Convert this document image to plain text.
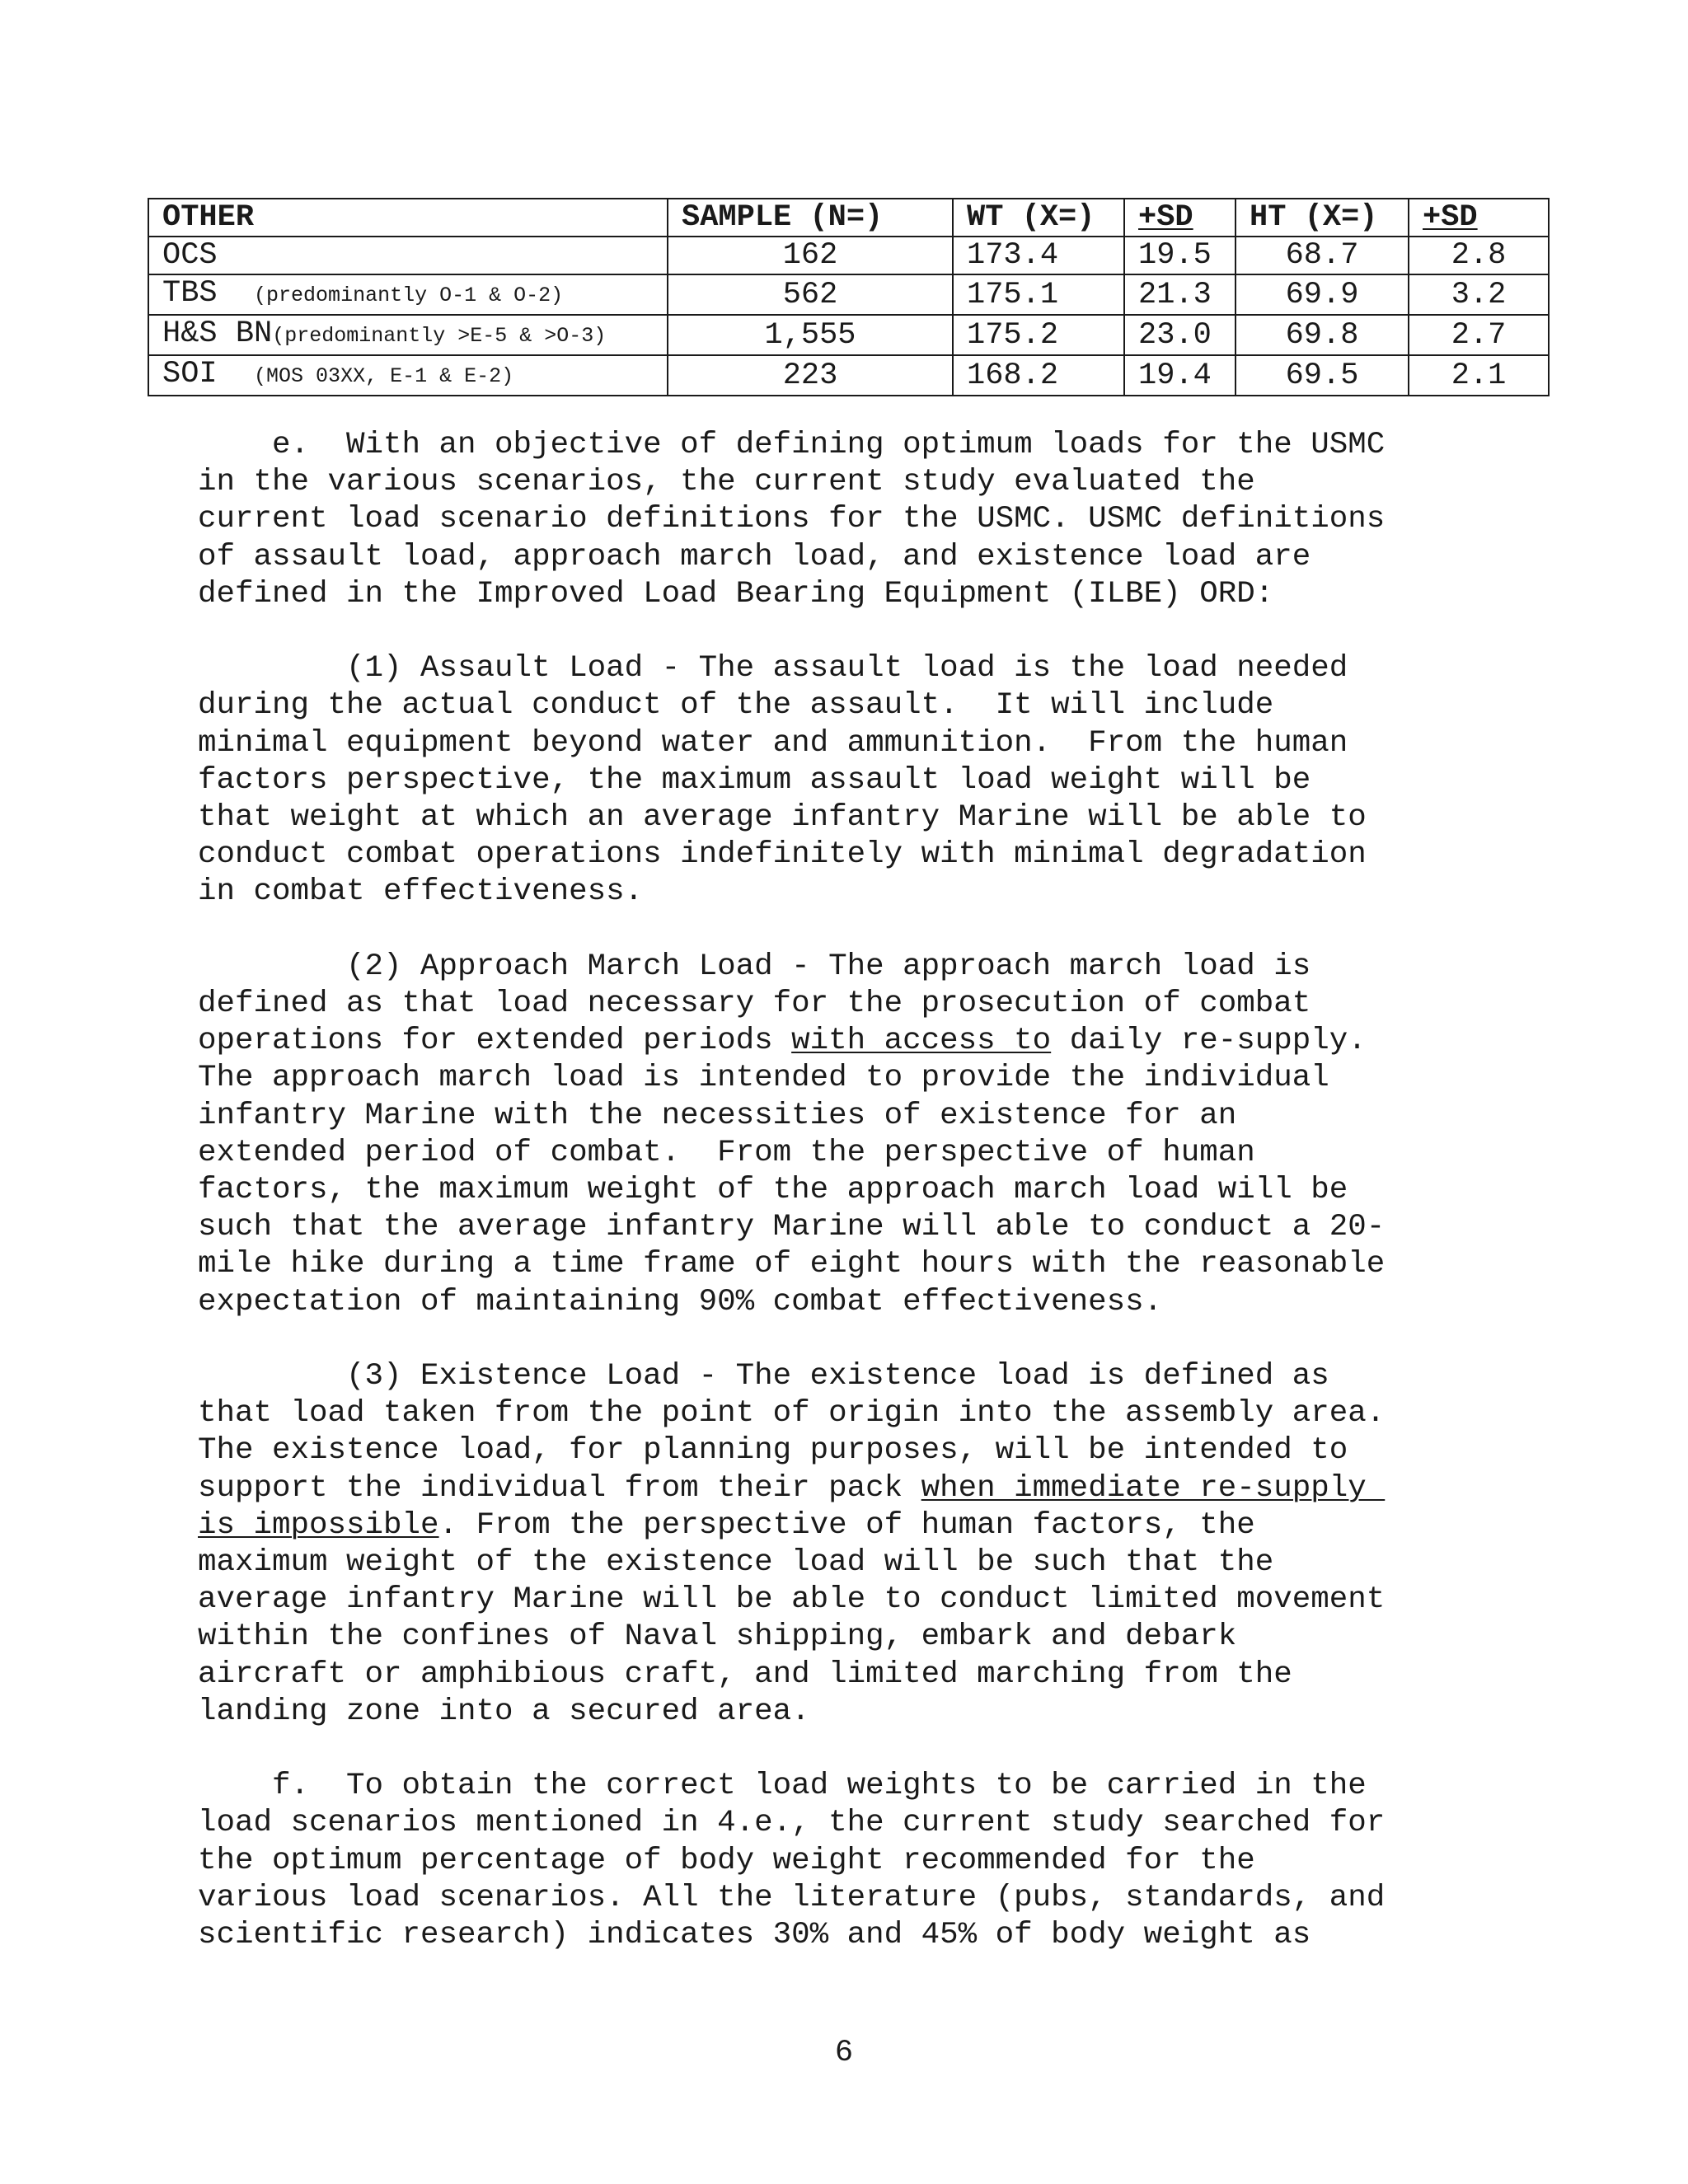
OTHER	SAMPLE (N=)	WT (X=)	+SD	HT (X=)	+SD
OCS	162	173.4	19.5	68.7	2.8
TBS (predominantly O-1 & O-2)	562	175.1	21.3	69.9	3.2
H&S BN(predominantly >E-5 & >O-3)	1,555	175.2	23.0	69.8	2.7
SOI (MOS 03XX, E-1 & E-2)	223	168.2	19.4	69.5	2.1

e.  With an objective of defining optimum loads for the USMC
in the various scenarios, the current study evaluated the
current load scenario definitions for the USMC. USMC definitions
of assault load, approach march load, and existence load are
defined in the Improved Load Bearing Equipment (ILBE) ORD:

(1) Assault Load - The assault load is the load needed
during the actual conduct of the assault.  It will include
minimal equipment beyond water and ammunition.  From the human
factors perspective, the maximum assault load weight will be
that weight at which an average infantry Marine will be able to
conduct combat operations indefinitely with minimal degradation
in combat effectiveness.

(2) Approach March Load - The approach march load is
defined as that load necessary for the prosecution of combat
operations for extended periods with access to daily re-supply.
The approach march load is intended to provide the individual
infantry Marine with the necessities of existence for an
extended period of combat.  From the perspective of human
factors, the maximum weight of the approach march load will be
such that the average infantry Marine will able to conduct a 20-
mile hike during a time frame of eight hours with the reasonable
expectation of maintaining 90% combat effectiveness.

(3) Existence Load - The existence load is defined as
that load taken from the point of origin into the assembly area.
The existence load, for planning purposes, will be intended to
support the individual from their pack when immediate re-supply
is impossible. From the perspective of human factors, the
maximum weight of the existence load will be such that the
average infantry Marine will be able to conduct limited movement
within the confines of Naval shipping, embark and debark
aircraft or amphibious craft, and limited marching from the
landing zone into a secured area.

f.  To obtain the correct load weights to be carried in the
load scenarios mentioned in 4.e., the current study searched for
the optimum percentage of body weight recommended for the
various load scenarios. All the literature (pubs, standards, and
scientific research) indicates 30% and 45% of body weight as

6
